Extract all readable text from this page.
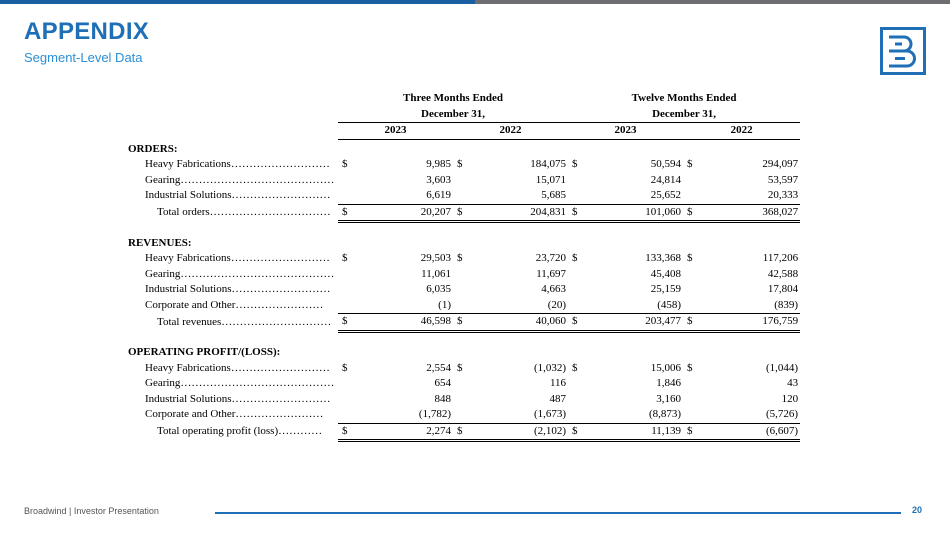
APPENDIX
Segment-Level Data
	Three Months Ended				Twelve Months Ended			
	December 31,				December 31,			
	2023		2022		2023		2022	
ORDERS:								
Heavy Fabrications………………………	$	9,985	$	184,075	$	50,594	$	294,097
Gearing……………………………………		3,603		15,071		24,814		53,597
Industrial Solutions………………………		6,619		5,685		25,652		20,333
Total orders……………………………	$	20,207	$	204,831	$	101,060	$	368,027

REVENUES:								
Heavy Fabrications………………………	$	29,503	$	23,720	$	133,368	$	117,206
Gearing……………………………………		11,061		11,697		45,408		42,588
Industrial Solutions………………………		6,035		4,663		25,159		17,804
Corporate and Other……………………		(1)		(20)		(458)		(839)
Total revenues…………………………	$	46,598	$	40,060	$	203,477	$	176,759

OPERATING PROFIT/(LOSS):								
Heavy Fabrications………………………	$	2,554	$	(1,032)	$	15,006	$	(1,044)
Gearing……………………………………		654		116		1,846		43
Industrial Solutions………………………		848		487		3,160		120
Corporate and Other……………………		(1,782)		(1,673)		(8,873)		(5,726)
Total operating profit (loss)…………	$	2,274	$	(2,102)	$	11,139	$	(6,607)
Broadwind | Investor Presentation	20
